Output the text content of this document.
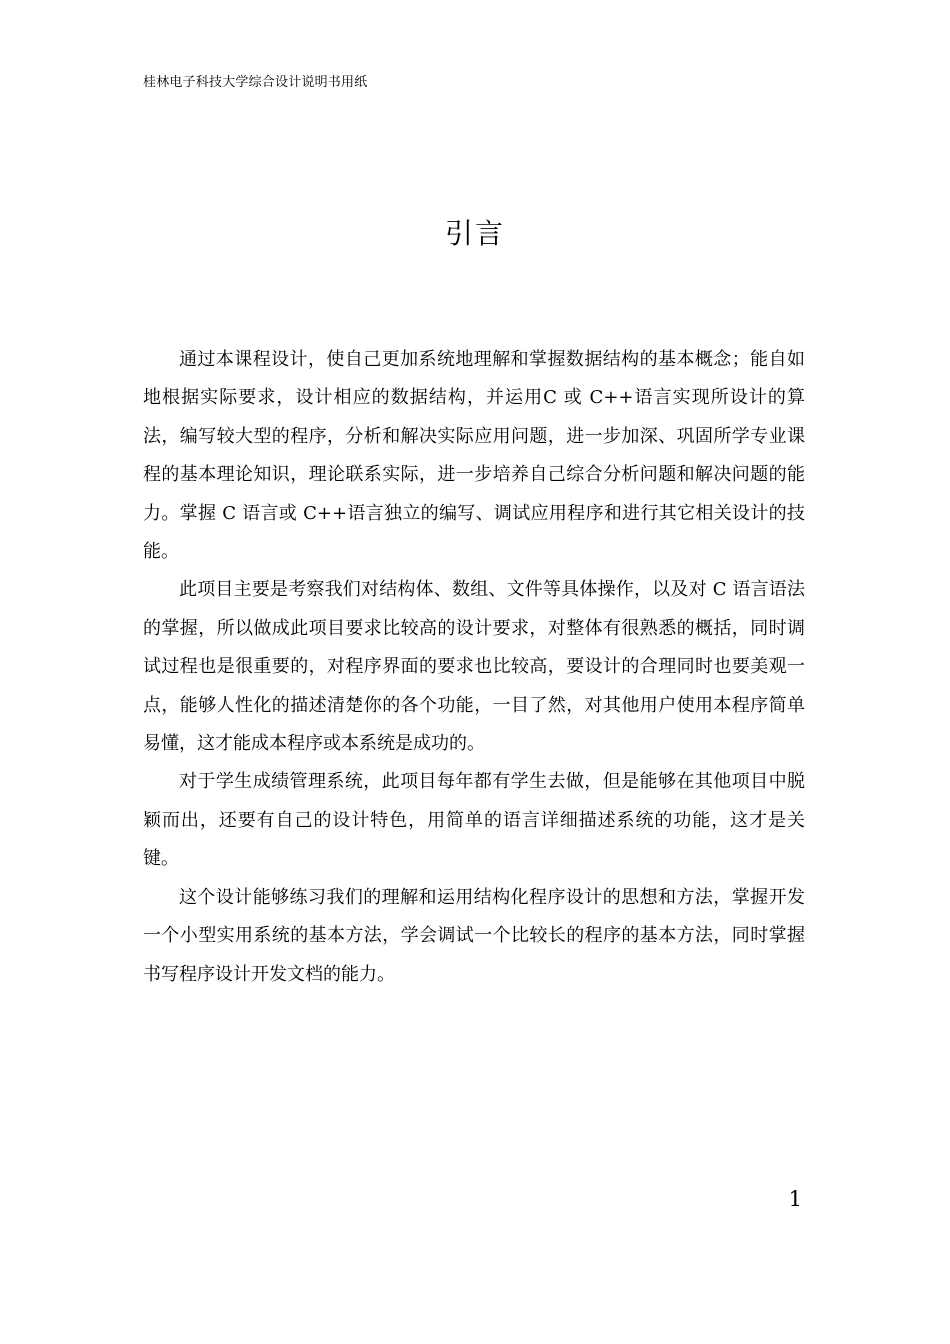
桂林电子科技大学综合设计说明书用纸
引言

通过本课程设计，使自己更加系统地理解和掌握数据结构的基本概念；能自如地根据实际要求，设计相应的数据结构，并运用C 或 C++语言实现所设计的算法，编写较大型的程序，分析和解决实际应用问题，进一步加深、巩固所学专业课程的基本理论知识，理论联系实际，进一步培养自己综合分析问题和解决问题的能力。掌握 C 语言或 C++语言独立的编写、调试应用程序和进行其它相关设计的技能。

此项目主要是考察我们对结构体、数组、文件等具体操作，以及对 C 语言语法的掌握，所以做成此项目要求比较高的设计要求，对整体有很熟悉的概括，同时调试过程也是很重要的，对程序界面的要求也比较高，要设计的合理同时也要美观一点，能够人性化的描述清楚你的各个功能，一目了然，对其他用户使用本程序简单易懂，这才能成本程序或本系统是成功的。

对于学生成绩管理系统，此项目每年都有学生去做，但是能够在其他项目中脱颖而出，还要有自己的设计特色，用简单的语言详细描述系统的功能，这才是关键。

这个设计能够练习我们的理解和运用结构化程序设计的思想和方法，掌握开发一个小型实用系统的基本方法，学会调试一个比较长的程序的基本方法，同时掌握书写程序设计开发文档的能力。

1
